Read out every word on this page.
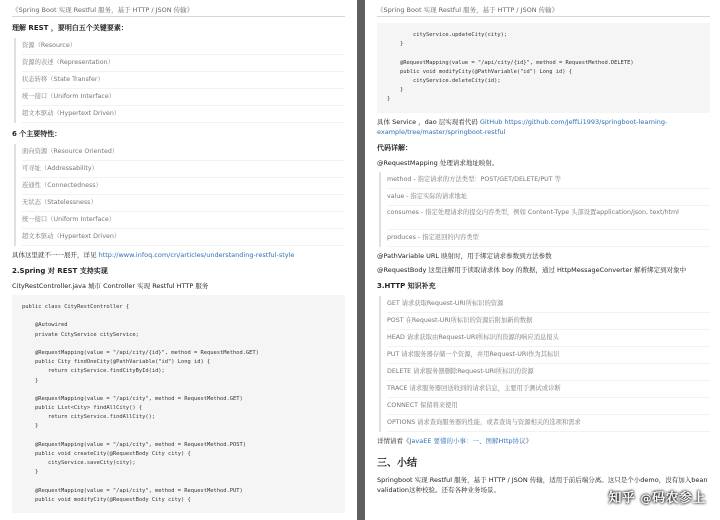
《Spring Boot 实现 Restful 服务，基于 HTTP / JSON 传输》
理解 REST ，要明白五个关键要素：
资源（Resource）
资源的表述（Representation）
状态转移（State Transfer）
统一接口（Uniform Interface）
超文本驱动（Hypertext Driven）
6 个主要特性：
面向资源（Resource Oriented）
可寻址（Addressability）
连通性（Connectedness）
无状态（Statelessness）
统一接口（Uniform Interface）
超文本驱动（Hypertext Driven）
具体这里就不一一展开，详见 http://www.infoq.com/cn/articles/understanding-restful-style
2.Spring 对 REST 支持实现
CityRestController.java 城市 Controller 实现 Restful HTTP 服务
public class CityRestController {
@Autowired
private CityService cityService;
@RequestMapping(value = "/api/city/{id}", method = RequestMethod.GET)
public City findOneCity(@PathVariable("id") Long id) {
return cityService.findCityById(id);
}
@RequestMapping(value = "/api/city", method = RequestMethod.GET)
public List<City> findAllCity() {
return cityService.findAllCity();
}
@RequestMapping(value = "/api/city", method = RequestMethod.POST)
public void createCity(@RequestBody City city) {
cityService.saveCity(city);
}
@RequestMapping(value = "/api/city", method = RequestMethod.PUT)
public void modifyCity(@RequestBody City city) {
《Spring Boot 实现 Restful 服务，基于 HTTP / JSON 传输》
cityService.updateCity(city);
}
@RequestMapping(value = "/api/city/{id}", method = RequestMethod.DELETE)
public void modifyCity(@PathVariable("id") Long id) {
cityService.deleteCity(id);
}
}
具体 Service ，dao 层实现看代码 GitHub https://github.com/JeffLi1993/springboot-learning-example/tree/master/springboot-restful
代码详解：
@RequestMapping 处理请求地址映射。
method - 指定请求的方法类型：POST/GET/DELETE/PUT 等
value - 指定实际的请求地址
consumes - 指定处理请求的提交内容类型，例如 Content-Type 头部设置application/json, text/html
produces - 指定返回的内容类型
@PathVariable URL 映射时，用于绑定请求参数到方法参数
@RequestBody 这里注解用于读取请求体 boy 的数据，通过 HttpMessageConverter 解析绑定到对象中
3.HTTP 知识补充
GET 请求获取Request-URI所标识的资源
POST 在Request-URI所标识的资源后附加新的数据
HEAD 请求获取由Request-URI所标识的资源的响应消息报头
PUT 请求服务器存储一个资源，并用Request-URI作为其标识
DELETE 请求服务器删除Request-URI所标识的资源
TRACE 请求服务器回送收到的请求信息，主要用于测试或诊断
CONNECT 保留将来使用
OPTIONS 请求查询服务器的性能，或者查询与资源相关的选项和需求
详情请看《JavaEE 要懂的小事：一、图解Http协议》
三、小结
Springboot 实现 Restful 服务，基于 HTTP / JSON 传输，适用于前后端分离。这只是个小demo，没有加入bean validation这种校验。还有各种业务场景。
知乎 @码农参上
